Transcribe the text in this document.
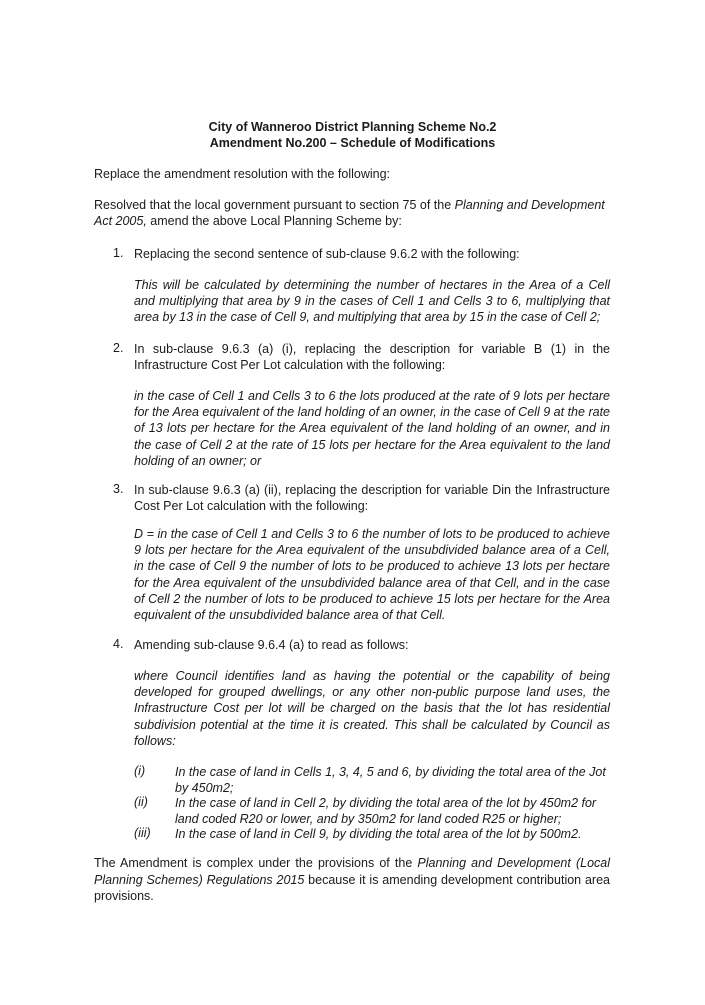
City of Wanneroo District Planning Scheme No.2
Amendment No.200 – Schedule of Modifications
Replace the amendment resolution with the following:
Resolved that the local government pursuant to section 75 of the Planning and Development Act 2005, amend the above Local Planning Scheme by:
1. Replacing the second sentence of sub-clause 9.6.2 with the following:
This will be calculated by determining the number of hectares in the Area of a Cell and multiplying that area by 9 in the cases of Cell 1 and Cells 3 to 6, multiplying that area by 13 in the case of Cell 9, and multiplying that area by 15 in the case of Cell 2;
2. In sub-clause 9.6.3 (a) (i), replacing the description for variable B (1) in the Infrastructure Cost Per Lot calculation with the following:
in the case of Cell 1 and Cells 3 to 6 the lots produced at the rate of 9 lots per hectare for the Area equivalent of the land holding of an owner, in the case of Cell 9 at the rate of 13 lots per hectare for the Area equivalent of the land holding of an owner, and in the case of Cell 2 at the rate of 15 lots per hectare for the Area equivalent to the land holding of an owner; or
3. In sub-clause 9.6.3 (a) (ii), replacing the description for variable Din the Infrastructure Cost Per Lot calculation with the following:
D = in the case of Cell 1 and Cells 3 to 6 the number of lots to be produced to achieve 9 lots per hectare for the Area equivalent of the unsubdivided balance area of a Cell, in the case of Cell 9 the number of lots to be produced to achieve 13 lots per hectare for the Area equivalent of the unsubdivided balance area of that Cell, and in the case of Cell 2 the number of lots to be produced to achieve 15 lots per hectare for the Area equivalent of the unsubdivided balance area of that Cell.
4. Amending sub-clause 9.6.4 (a) to read as follows:
where Council identifies land as having the potential or the capability of being developed for grouped dwellings, or any other non-public purpose land uses, the Infrastructure Cost per lot will be charged on the basis that the lot has residential subdivision potential at the time it is created. This shall be calculated by Council as follows:
(i) In the case of land in Cells 1, 3, 4, 5 and 6, by dividing the total area of the Jot by 450m2;
(ii) In the case of land in Cell 2, by dividing the total area of the lot by 450m2 for land coded R20 or lower, and by 350m2 for land coded R25 or higher;
(iii) In the case of land in Cell 9, by dividing the total area of the lot by 500m2.
The Amendment is complex under the provisions of the Planning and Development (Local Planning Schemes) Regulations 2015 because it is amending development contribution area provisions.
